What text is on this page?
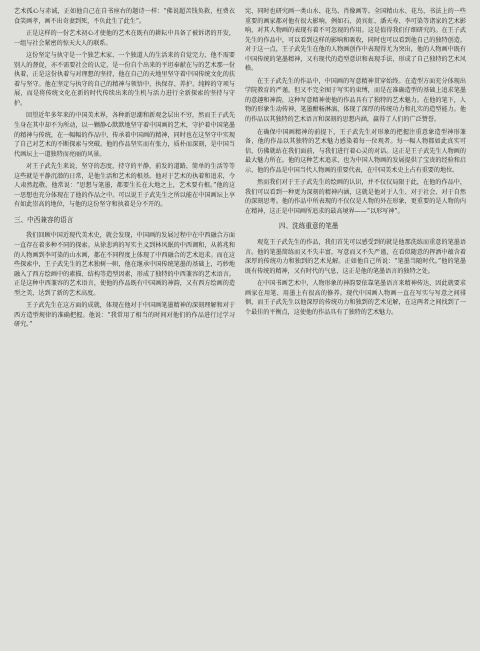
艺术孤心与赤诚，正如他自己在自书座右的题诗一样：“佛说超苦钱奂救，枉费衣食笑画孝，画不出奇妻到死，不负此生了此生”。

正是这样的一份艺术初心才使他的艺术在既有的耕耘中具备了被诉诸的开发，一组与社会紧密的惊天大人的联系。

这份坚定与执守是一个独艺术家、一个独道人的生活来的自觉完力，他不需要别人的督促，亦不需要社会的认定，是一份自个出来的平坦奉献在与的艺术那一份执着，正是这份执着与对理想的坚持，他在自己的天地里坚守着中国传统文化的扶着与坚守。他在坚定与执守的自己的精神与领悟中，执保存、养护、纯粹的守项与展，而是将传统文化在新的时代传续出来的生机与活力进行全新探索的坚持与守护。

回望近年多年来的中国美术界，各种新思潮和新观念层出不穷，然而王子武先生身在其中却不为所动，以一颗静心默默地坚守着中国画的艺术，守护着中国笔墨的精神与传统，在一幅幅的作品中，传承着中国画的精神，同时也在这坚守中实现了自己对艺术的不断探索与突破。他的作品坚实而有张力，质朴而深刻，是中国当代画坛上一道独特而亮丽的风景。

对王子武先生来说，坚守的态度，持守的平静，前发的道路，简单的生活等等这些就是平静沉潜的日常，是他生活和艺术的根基。他对于艺术的执着和追求，令人肃然起敬。他常说：“思想与笔墨，都要生长在大地之上，艺术要有根。”他的这一思想也充分体现在了他的作品之中。可以说王子武先生之所以能在中国画坛上享有如此崇高的地位，与他的这份坚守和执着是分不开的。

三、中西兼容的语言

我们回顾中国近现代美术史，就会发现，中国画的发展过程中在中西融合方面一直存在着多种不同的探索。从徐悲鸿的写实主义到林风眠的中西调和，从蒋兆和的人物画到李可染的山水画，都在不同程度上体现了中西融合的艺术追求。而在这些探索中，王子武先生的艺术独树一帜，他在继承中国传统笔墨的基础上，巧妙地融入了西方绘画中的素描、结构等造型因素，形成了独特的中西兼容的艺术语言。正是这种中西兼容的艺术语言，使他的作品既有中国画的神韵，又有西方绘画的造型之美，达到了新的艺术高度。

王子武先生在这方面的成就，体现在他对于中国画笔墨精神的深刻理解和对于西方造型规律的准确把握。他说：“我常用了相当的时间对他们的作品进行过学习研究。”

宪、同时也研究画一类山水、花鸟、肖像画等。全国精山水、花鸟、书法上的一些重要的画家都对他有很大影响，例如石、黄宾虹、潘天寿、李可染等诸家的艺术影响，对其人物画的表现有着不可忽视的作用。这是值得我们仔细研究的。在王子武先生的作品中，可以看到这样的影响和吸收，同时也可以看到他自己的独特创造。对于这一点，王子武先生在他的人物画创作中表现得尤为突出，他的人物画中既有中国传统的笔墨精神，又有现代的造型意识和表现手法，形成了自己独特的艺术风格。

在王子武先生的作品中，中国画的写意精神贯穿始终。在造型方面充分体现出学院教育的严谨，但又不完全囿于写实的束缚，而是在准确造型的基础上追求笔墨的意趣和神韵，这种写意精神使他的作品具有了独特的艺术魅力。在他的笔下，人物的形象生动传神，笔墨酣畅淋漓，体现了深厚的传统功力和扎实的造型能力。他的作品以其独特的艺术语言和深刻的思想内涵，赢得了人们的广泛赞誉。

在确保中国画精神的前提下，王子武先生对形象的把握注重意象造型神形兼备，他的作品以其独特的艺术魅力感染着每一位观者。每一幅人物都如此真实可信，仿佛就站在我们面前，与我们进行着心灵的对话。这正是王子武先生人物画的最大魅力所在。他的这种艺术追求，也为中国人物画的发展提供了宝贵的经验和启示，他的作品是中国当代人物画的重要代表，在中国美术史上占有重要的地位。

然而我们对于王子武先生的绘画的认识，并不仅仅局限于此，在他的作品中，我们可以看到一种更为深刻的精神内涵，这就是他对于人生、对于社会、对于自然的深刻思考。他的作品中所表现的不仅仅是人物的外在形象，更重要的是人物的内在精神，这正是中国画所追求的最高境界——“以形写神”。

四、洗练重意的笔墨

观览王子武先生的作品，我们首先可以感受到的就是他那洗练而重意的笔墨语言。他的笔墨简练而又不失丰富，写意而又不失严谨，在看似随意的挥洒中蕴含着深厚的传统功力和独到的艺术见解。正如他自己所说：“笔墨当随时代。”他的笔墨既有传统的精神，又有时代的气息，这正是他的笔墨语言的独特之处。

在中国书画艺术中，人物形象的神韵要依靠笔墨语言来精神传达，因此就要求画家在用笔、用墨上有很高的修养。现代中国画人物画一直在写实与写意之间徘徊，而王子武先生以他深厚的传统功力和独到的艺术见解，在这两者之间找到了一个最佳的平衡点，这使他的作品具有了独特的艺术魅力。
